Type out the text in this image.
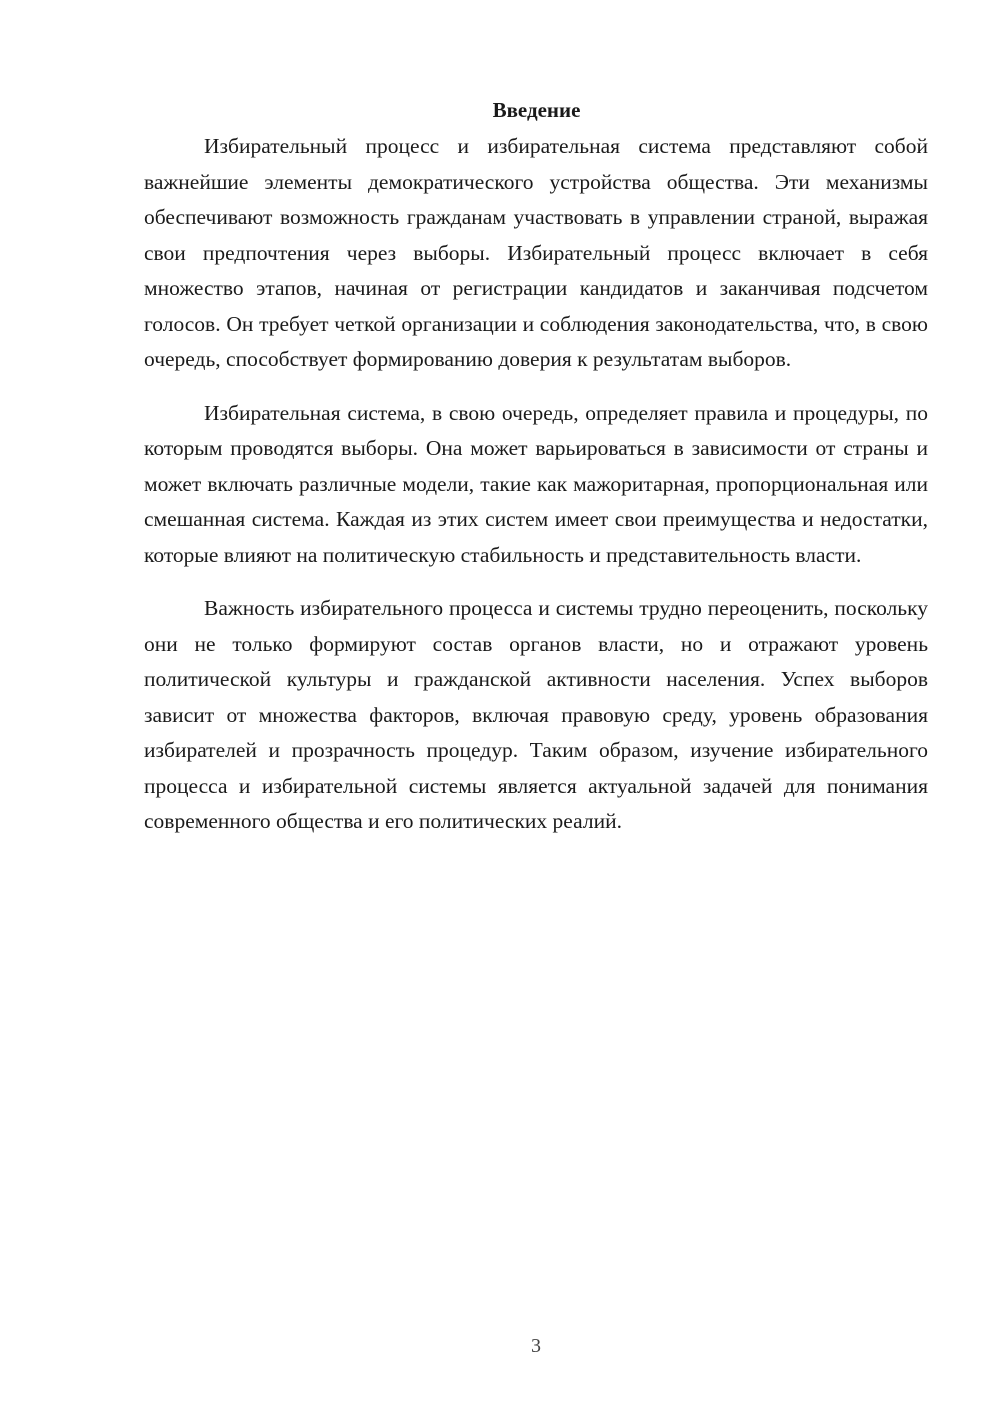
Введение

Избирательный процесс и избирательная система представляют собой важнейшие элементы демократического устройства общества. Эти механизмы обеспечивают возможность гражданам участвовать в управлении страной, выражая свои предпочтения через выборы. Избирательный процесс включает в себя множество этапов, начиная от регистрации кандидатов и заканчивая подсчетом голосов. Он требует четкой организации и соблюдения законодательства, что, в свою очередь, способствует формированию доверия к результатам выборов.

Избирательная система, в свою очередь, определяет правила и процедуры, по которым проводятся выборы. Она может варьироваться в зависимости от страны и может включать различные модели, такие как мажоритарная, пропорциональная или смешанная система. Каждая из этих систем имеет свои преимущества и недостатки, которые влияют на политическую стабильность и представительность власти.

Важность избирательного процесса и системы трудно переоценить, поскольку они не только формируют состав органов власти, но и отражают уровень политической культуры и гражданской активности населения. Успех выборов зависит от множества факторов, включая правовую среду, уровень образования избирателей и прозрачность процедур. Таким образом, изучение избирательного процесса и избирательной системы является актуальной задачей для понимания современного общества и его политических реалий.

3
